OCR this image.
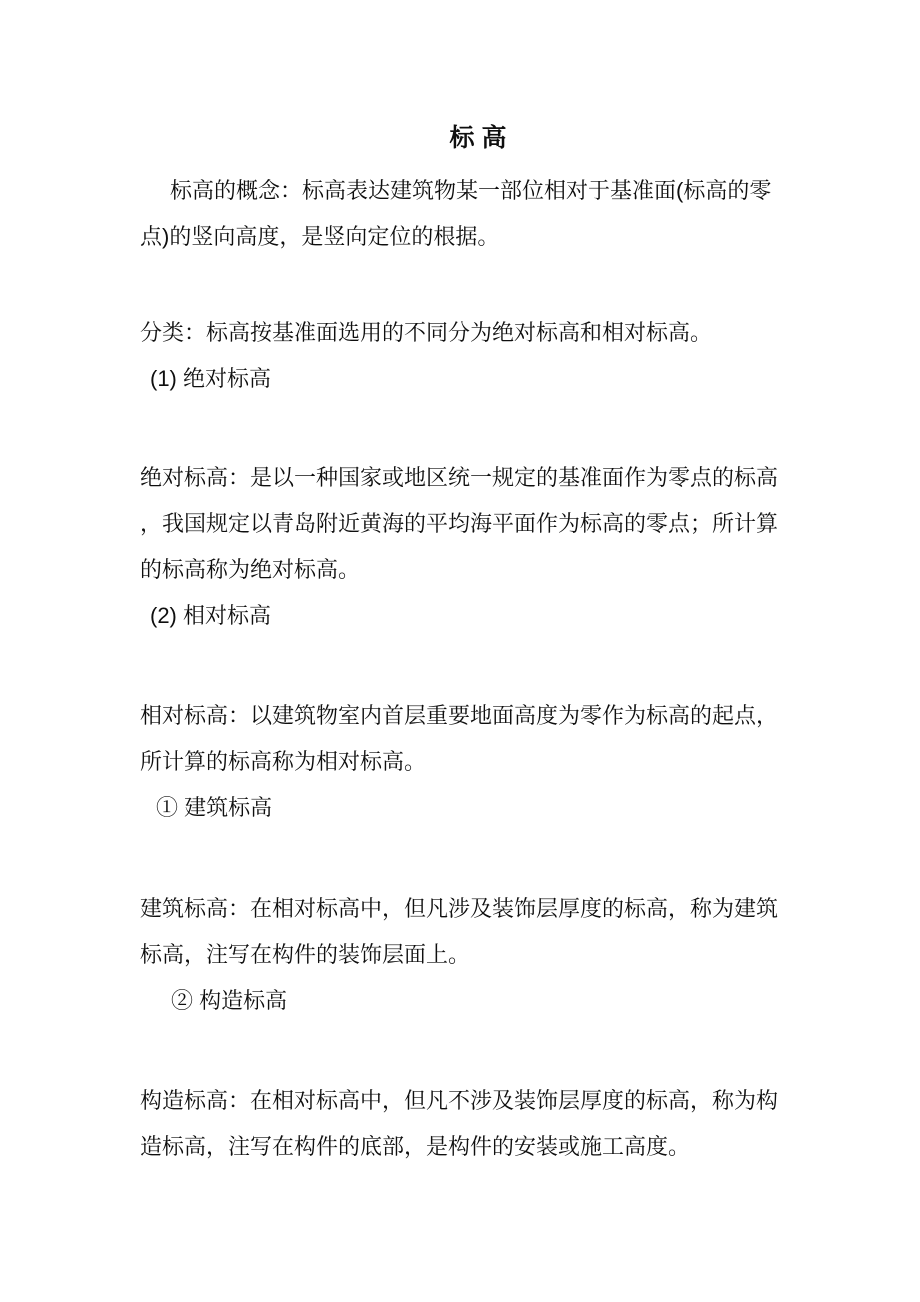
标 高
标高的概念：标高表达建筑物某一部位相对于基准面(标高的零
点)的竖向高度，是竖向定位的根据。
分类：标高按基准面选用的不同分为绝对标高和相对标高。
(1) 绝对标高
绝对标高：是以一种国家或地区统一规定的基准面作为零点的标高
，我国规定以青岛附近黄海的平均海平面作为标高的零点；所计算
的标高称为绝对标高。
(2) 相对标高
相对标高：以建筑物室内首层重要地面高度为零作为标高的起点，
所计算的标高称为相对标高。
① 建筑标高
建筑标高：在相对标高中，但凡涉及装饰层厚度的标高，称为建筑
标高，注写在构件的装饰层面上。
② 构造标高
构造标高：在相对标高中，但凡不涉及装饰层厚度的标高，称为构
造标高，注写在构件的底部，是构件的安装或施工高度。
